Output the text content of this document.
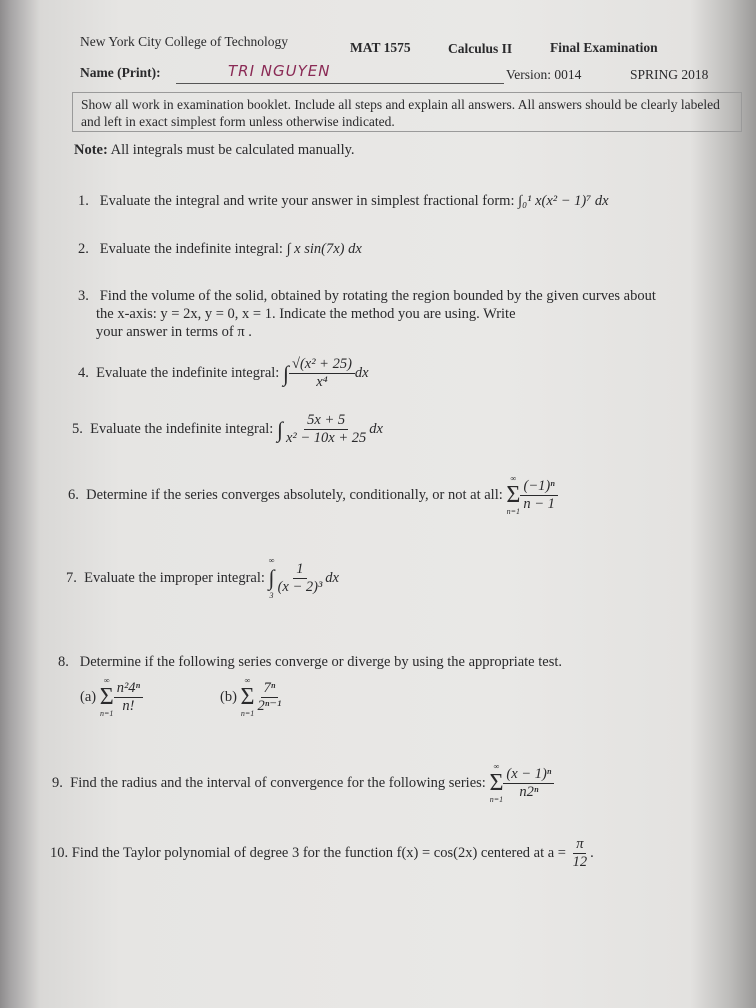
New York City College of Technology	MAT 1575	Calculus II	Final Examination
Name (Print):	TRI NGUYEN	Version: 0014	SPRING 2018
Show all work in examination booklet. Include all steps and explain all answers. All answers should be clearly labeled and left in exact simplest form unless otherwise indicated.
Note: All integrals must be calculated manually.
1. Evaluate the integral and write your answer in simplest fractional form: ∫₀¹ x(x² − 1)⁷ dx
2. Evaluate the indefinite integral: ∫ x sin(7x) dx
3. Find the volume of the solid, obtained by rotating the region bounded by the given curves about
the x-axis: y = 2x, y = 0, x = 1. Indicate the method you are using. Write
your answer in terms of π .
4.
Evaluate the indefinite integral:
∫ $\frac{\text{√(x² + 25)}}{\text{x⁴}}$ dx
5.
Evaluate the indefinite integral:
∫ $\frac{5x + 5}{\text{x² − 10x + 25}}$ dx
6.
Determine if the series converges absolutely, conditionally, or not at all:

∞
Σ
$n=1 \frac{\text{(−1)ⁿ}}{n - 1}$
7.
Evaluate the improper integral:

∞
∫
$3 \frac{1}{\text{(x − 2)³}}$ dx
8. Determine if the following series converge or diverge by using the appropriate test.
(a)

∞
Σ
$n=1 \frac{\text{n²4ⁿ}}{n!}$	(b)

∞
Σ
$n=1 \frac{\text{7ⁿ}}{\text{2ⁿ⁻¹}}$
9.
Find the radius and the interval of convergence for the following series:

∞
Σ
$n=1 \frac{\text{(x − 1)ⁿ}}{\text{n2ⁿ}}$
10.
Find the Taylor polynomial of degree 3 for the function f(x) = cos(2x) centered at a =
$\frac{\pi}{12}$ .
